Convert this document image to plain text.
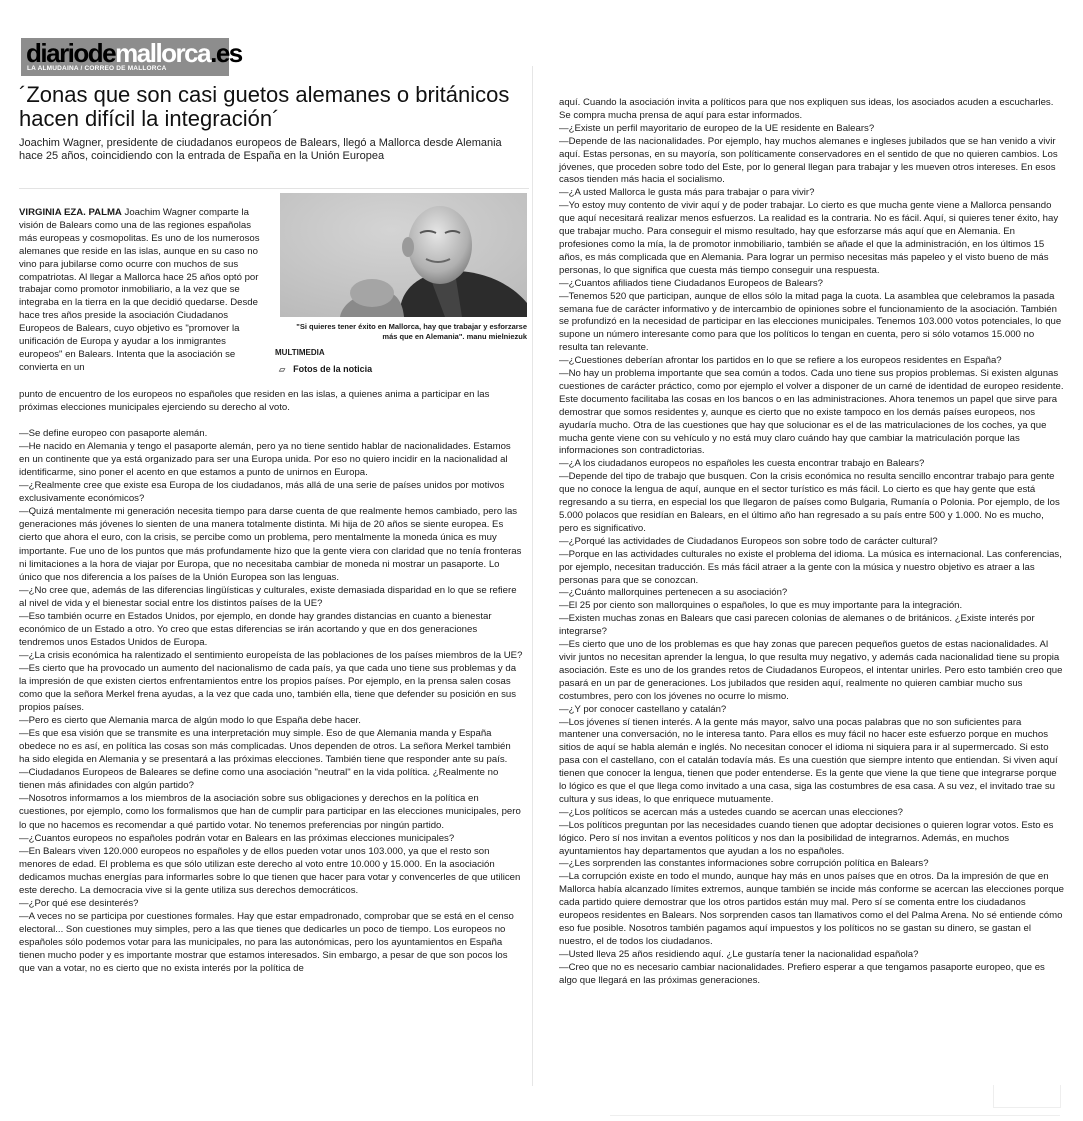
diariodemallorca.es
LA ALMUDAINA / CORREO DE MALLORCA
´Zonas que son casi guetos alemanes o británicos hacen difícil la integración´

Joachim Wagner, presidente de ciudadanos europeos de Balears, llegó a Mallorca desde Alemania hace 25 años, coincidiendo con la entrada de España en la Unión Europea

"Si quieres tener éxito en Mallorca, hay que trabajar y esforzarse más que en Alemania". manu mielniezuk
MULTIMEDIA
▱ Fotos de la noticia
VIRGINIA EZA. PALMA Joachim Wagner comparte la visión de Balears como una de las regiones españolas más europeas y cosmopolitas. Es uno de los numerosos alemanes que reside en las islas, aunque en su caso no vino para jubilarse como ocurre con muchos de sus compatriotas. Al llegar a Mallorca hace 25 años optó por trabajar como promotor inmobiliario, a la vez que se integraba en la tierra en la que decidió quedarse. Desde hace tres años preside la asociación Ciudadanos Europeos de Balears, cuyo objetivo es "promover la unificación de Europa y ayudar a los inmigrantes europeos" en Balears. Intenta que la asociación se convierta en un

punto de encuentro de los europeos no españoles que residen en las islas, a quienes anima a participar en las próximas elecciones municipales ejerciendo su derecho al voto.

—Se define europeo con pasaporte alemán.

—He nacido en Alemania y tengo el pasaporte alemán, pero ya no tiene sentido hablar de nacionalidades. Estamos en un continente que ya está organizado para ser una Europa unida. Por eso no quiero incidir en la nacionalidad al identificarme, sino poner el acento en que estamos a punto de unirnos en Europa.

—¿Realmente cree que existe esa Europa de los ciudadanos, más allá de una serie de países unidos por motivos exclusivamente económicos?

—Quizá mentalmente mi generación necesita tiempo para darse cuenta de que realmente hemos cambiado, pero las generaciones más jóvenes lo sienten de una manera totalmente distinta. Mi hija de 20 años se siente europea. Es cierto que ahora el euro, con la crisis, se percibe como un problema, pero mentalmente la moneda única es muy importante. Fue uno de los puntos que más profundamente hizo que la gente viera con claridad que no tenía fronteras ni limitaciones a la hora de viajar por Europa, que no necesitaba cambiar de moneda ni mostrar un pasaporte. Lo único que nos diferencia a los países de la Unión Europea son las lenguas.

—¿No cree que, además de las diferencias lingüísticas y culturales, existe demasiada disparidad en lo que se refiere al nivel de vida y el bienestar social entre los distintos países de la UE?

—Eso también ocurre en Estados Unidos, por ejemplo, en donde hay grandes distancias en cuanto a bienestar económico de un Estado a otro. Yo creo que estas diferencias se irán acortando y que en dos generaciones tendremos unos Estados Unidos de Europa.

—¿La crisis económica ha ralentizado el sentimiento europeísta de las poblaciones de los países miembros de la UE?

—Es cierto que ha provocado un aumento del nacionalismo de cada país, ya que cada uno tiene sus problemas y da la impresión de que existen ciertos enfrentamientos entre los propios países. Por ejemplo, en la prensa salen cosas como que la señora Merkel frena ayudas, a la vez que cada uno, también ella, tiene que defender su posición en sus propios países.

—Pero es cierto que Alemania marca de algún modo lo que España debe hacer.

—Es que esa visión que se transmite es una interpretación muy simple. Eso de que Alemania manda y España obedece no es así, en política las cosas son más complicadas. Unos dependen de otros. La señora Merkel también ha sido elegida en Alemania y se presentará a las próximas elecciones. También tiene que responder ante su país.

—Ciudadanos Europeos de Baleares se define como una asociación "neutral" en la vida política. ¿Realmente no tienen más afinidades con algún partido?

—Nosotros informamos a los miembros de la asociación sobre sus obligaciones y derechos en la política en cuestiones, por ejemplo, como los formalismos que han de cumplir para participar en las elecciones municipales, pero lo que no hacemos es recomendar a qué partido votar. No tenemos preferencias por ningún partido.

—¿Cuantos europeos no españoles podrán votar en Balears en las próximas elecciones municipales?

—En Balears viven 120.000 europeos no españoles y de ellos pueden votar unos 103.000, ya que el resto son menores de edad. El problema es que sólo utilizan este derecho al voto entre 10.000 y 15.000. En la asociación dedicamos muchas energías para informarles sobre lo que tienen que hacer para votar y convencerles de que utilicen este derecho. La democracia vive si la gente utiliza sus derechos democráticos.

—¿Por qué ese desinterés?

—A veces no se participa por cuestiones formales. Hay que estar empadronado, comprobar que se está en el censo electoral... Son cuestiones muy simples, pero a las que tienes que dedicarles un poco de tiempo. Los europeos no españoles sólo podemos votar para las municipales, no para las autonómicas, pero los ayuntamientos en España tienen mucho poder y es importante mostrar que estamos interesados. Sin embargo, a pesar de que son pocos los que van a votar, no es cierto que no exista interés por la política de

aquí. Cuando la asociación invita a políticos para que nos expliquen sus ideas, los asociados acuden a escucharles. Se compra mucha prensa de aquí para estar informados.

—¿Existe un perfil mayoritario de europeo de la UE residente en Balears?

—Depende de las nacionalidades. Por ejemplo, hay muchos alemanes e ingleses jubilados que se han venido a vivir aquí. Estas personas, en su mayoría, son políticamente conservadores en el sentido de que no quieren cambios. Los jóvenes, que proceden sobre todo del Este, por lo general llegan para trabajar y les mueven otros intereses. En esos casos tienden más hacia el socialismo.

—¿A usted Mallorca le gusta más para trabajar o para vivir?

—Yo estoy muy contento de vivir aquí y de poder trabajar. Lo cierto es que mucha gente viene a Mallorca pensando que aquí necesitará realizar menos esfuerzos. La realidad es la contraria. No es fácil. Aquí, si quieres tener éxito, hay que trabajar mucho. Para conseguir el mismo resultado, hay que esforzarse más aquí que en Alemania. En profesiones como la mía, la de promotor inmobiliario, también se añade el que la administración, en los últimos 15 años, es más complicada que en Alemania. Para lograr un permiso necesitas más papeleo y el visto bueno de más personas, lo que significa que cuesta más tiempo conseguir una respuesta.

—¿Cuantos afiliados tiene Ciudadanos Europeos de Balears?

—Tenemos 520 que participan, aunque de ellos sólo la mitad paga la cuota. La asamblea que celebramos la pasada semana fue de carácter informativo y de intercambio de opiniones sobre el funcionamiento de la asociación. También se profundizó en la necesidad de participar en las elecciones municipales. Tenemos 103.000 votos potenciales, lo que supone un número interesante como para que los políticos lo tengan en cuenta, pero si sólo votamos 15.000 no resulta tan relevante.

—¿Cuestiones deberían afrontar los partidos en lo que se refiere a los europeos residentes en España?

—No hay un problema importante que sea común a todos. Cada uno tiene sus propios problemas. Si existen algunas cuestiones de carácter práctico, como por ejemplo el volver a disponer de un carné de identidad de europeo residente. Este documento facilitaba las cosas en los bancos o en las administraciones. Ahora tenemos un papel que sirve para demostrar que somos residentes y, aunque es cierto que no existe tampoco en los demás países europeos, nos ayudaría mucho. Otra de las cuestiones que hay que solucionar es el de las matriculaciones de los coches, ya que mucha gente viene con su vehículo y no está muy claro cuándo hay que cambiar la matriculación porque las informaciones son contradictorias.

—¿A los ciudadanos europeos no españoles les cuesta encontrar trabajo en Balears?

—Depende del tipo de trabajo que busquen. Con la crisis económica no resulta sencillo encontrar trabajo para gente que no conoce la lengua de aquí, aunque en el sector turístico es más fácil. Lo cierto es que hay gente que está regresando a su tierra, en especial los que llegaron de países como Bulgaria, Rumanía o Polonia. Por ejemplo, de los 5.000 polacos que residían en Balears, en el último año han regresado a su país entre 500 y 1.000. No es mucho, pero es significativo.

—¿Porqué las actividades de Ciudadanos Europeos son sobre todo de carácter cultural?

—Porque en las actividades culturales no existe el problema del idioma. La música es internacional. Las conferencias, por ejemplo, necesitan traducción. Es más fácil atraer a la gente con la música y nuestro objetivo es atraer a las personas para que se conozcan.

—¿Cuánto mallorquines pertenecen a su asociación?

—El 25 por ciento son mallorquines o españoles, lo que es muy importante para la integración.

—Existen muchas zonas en Balears que casi parecen colonias de alemanes o de británicos. ¿Existe interés por integrarse?

—Es cierto que uno de los problemas es que hay zonas que parecen pequeños guetos de estas nacionalidades. Al vivir juntos no necesitan aprender la lengua, lo que resulta muy negativo, y además cada nacionalidad tiene su propia asociación. Este es uno de los grandes retos de Ciudadanos Europeos, el intentar unirles. Pero esto también creo que pasará en un par de generaciones. Los jubilados que residen aquí, realmente no quieren cambiar mucho sus costumbres, pero con los jóvenes no ocurre lo mismo.

—¿Y por conocer castellano y catalán?

—Los jóvenes sí tienen interés. A la gente más mayor, salvo una pocas palabras que no son suficientes para mantener una conversación, no le interesa tanto. Para ellos es muy fácil no hacer este esfuerzo porque en muchos sitios de aquí se habla alemán e inglés. No necesitan conocer el idioma ni siquiera para ir al supermercado. Si esto pasa con el castellano, con el catalán todavía más. Es una cuestión que siempre intento que entiendan. Si viven aquí tienen que conocer la lengua, tienen que poder entenderse. Es la gente que viene la que tiene que integrarse porque lo lógico es que el que llega como invitado a una casa, siga las costumbres de esa casa. A su vez, el invitado trae su cultura y sus ideas, lo que enriquece mutuamente.

—¿Los políticos se acercan más a ustedes cuando se acercan unas elecciones?

—Los políticos preguntan por las necesidades cuando tienen que adoptar decisiones o quieren lograr votos. Esto es lógico. Pero sí nos invitan a eventos políticos y nos dan la posibilidad de integrarnos. Además, en muchos ayuntamientos hay departamentos que ayudan a los no españoles.

—¿Les sorprenden las constantes informaciones sobre corrupción política en Balears?

—La corrupción existe en todo el mundo, aunque hay más en unos países que en otros. Da la impresión de que en Mallorca había alcanzado límites extremos, aunque también se incide más conforme se acercan las elecciones porque cada partido quiere demostrar que los otros partidos están muy mal. Pero sí se comenta entre los ciudadanos europeos residentes en Balears. Nos sorprenden casos tan llamativos como el del Palma Arena. No sé entiende cómo eso fue posible. Nosotros también pagamos aquí impuestos y los políticos no se gastan su dinero, se gastan el nuestro, el de todos los ciudadanos.

—Usted lleva 25 años residiendo aquí. ¿Le gustaría tener la nacionalidad española?

—Creo que no es necesario cambiar nacionalidades. Prefiero esperar a que tengamos pasaporte europeo, que es algo que llegará en las próximas generaciones.
